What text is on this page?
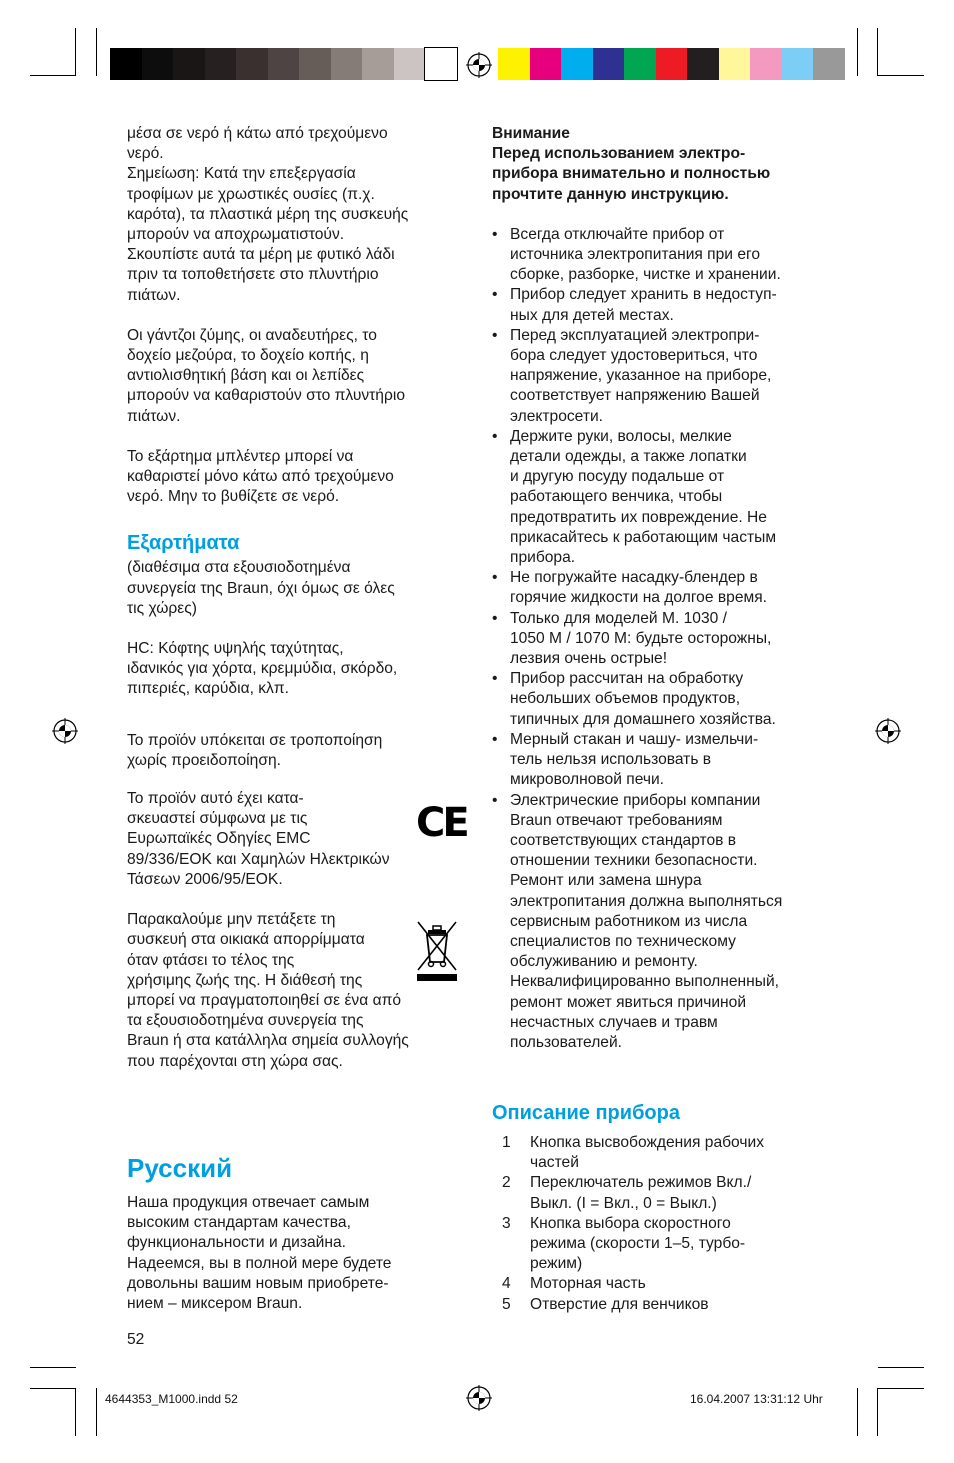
μέσα σε νερό ή κάτω από τρεχούμενο
νερό.
Σημείωση: Κατά την επεξεργασία
τροφίμων με χρωστικές ουσίες (π.χ.
καρότα), τα πλαστικά μέρη της συσκευής
μπορούν να αποχρωματιστούν.
Σκουπίστε αυτά τα μέρη με φυτικό λάδι
πριν τα τοποθετήσετε στο πλυντήριο
πιάτων.
Οι γάντζοι ζύμης, οι αναδευτήρες, το
δοχείο μεζούρα, το δοχείο κοπής, η
αντιολισθητική βάση και οι λεπίδες
μπορούν να καθαριστούν στο πλυντήριο
πιάτων.
Το εξάρτημα μπλέντερ μπορεί να
καθαριστεί μόνο κάτω από τρεχούμενο
νερό. Μην το βυθίζετε σε νερό.
Εξαρτήματα
(διαθέσιμα στα εξουσιοδοτημένα
συνεργεία της Braun, όχι όμως σε όλες
τις χώρες)
HC: Κόφτης υψηλής ταχύτητας,
ιδανικός για χόρτα, κρεμμύδια, σκόρδο,
πιπεριές, καρύδια, κλπ.
Το προϊόν υπόκειται σε τροποποίηση
χωρίς προειδοποίηση.
Το προϊόν αυτό έχει κατα-
σκευαστεί σύμφωνα με τις
Ευρωπαϊκές Οδηγίες EMC
89/336/EOK και Χαμηλών Ηλεκτρικών
Τάσεων 2006/95/EOK.
Παρακαλούμε μην πετάξετε τη
συσκευή στα οικιακά απορρίμματα
όταν φτάσει το τέλος της
χρήσιμης ζωής της. Η διάθεσή της
μπορεί να πραγματοποιηθεί σε ένα από
τα εξουσιοδοτημένα συνεργεία της
Braun ή στα κατάλληλα σημεία συλλογής
που παρέχονται στη χώρα σας.
CE
Русский
Наша продукция отвечает самым
высоким стандартам качества,
функциональности и дизайна.
Надеемся, вы в полной мере будете
довольны вашим новым приобрете-
нием – миксером Braun.
52
Внимание
Перед использованием электро-
прибора внимательно и полностью
прочтите данную инструкцию.
• Всегда отключайте прибор от
источника электропитания при его
сборке, разборке, чистке и хранении.
• Прибор следует хранить в недоступ-
ных для детей местах.
• Перед эксплуатацией электропри-
бора следует удостовериться, что
напряжение, указанное на приборе,
соответствует напряжению Вашей
электросети.
• Держите руки, волосы, мелкие
детали одежды, а также лопатки
и другую посуду подальше от
работающего венчика, чтобы
предотвратить их повреждение. Не
прикасайтесь к работающим частым
прибора.
• Не погружайте насадку-блендер в
горячие жидкости на долгое время.
• Только для моделей M. 1030 /
1050 M / 1070 M: будьте осторожны,
лезвия очень острые!
• Прибор рассчитан на обработку
небольших объемов продуктов,
типичных для домашнего хозяйства.
• Мерный стакан и чашу- измельчи-
тель нельзя использовать в
микроволновой печи.
• Электрические приборы компании
Braun отвечают требованиям
соответствующих стандартов в
отношении техники безопасности.
Ремонт или замена шнура
электропитания должна выполняться
сервисным работником из числа
специалистов по техническому
обслуживанию и ремонту.
Неквалифицированно выполненный,
ремонт может явиться причиной
несчастных случаев и травм
пользователей.
Описание прибора
1 Кнопка высвобождения рабочих
частей
2 Переключатель режимов Вкл./
Выкл. (I = Вкл., 0 = Выкл.)
3 Кнопка выбора скоростного
режима (скорости 1–5, турбо-
режим)
4 Моторная часть
5 Отверстие для венчиков
4644353_M1000.indd 52	16.04.2007 13:31:12 Uhr
